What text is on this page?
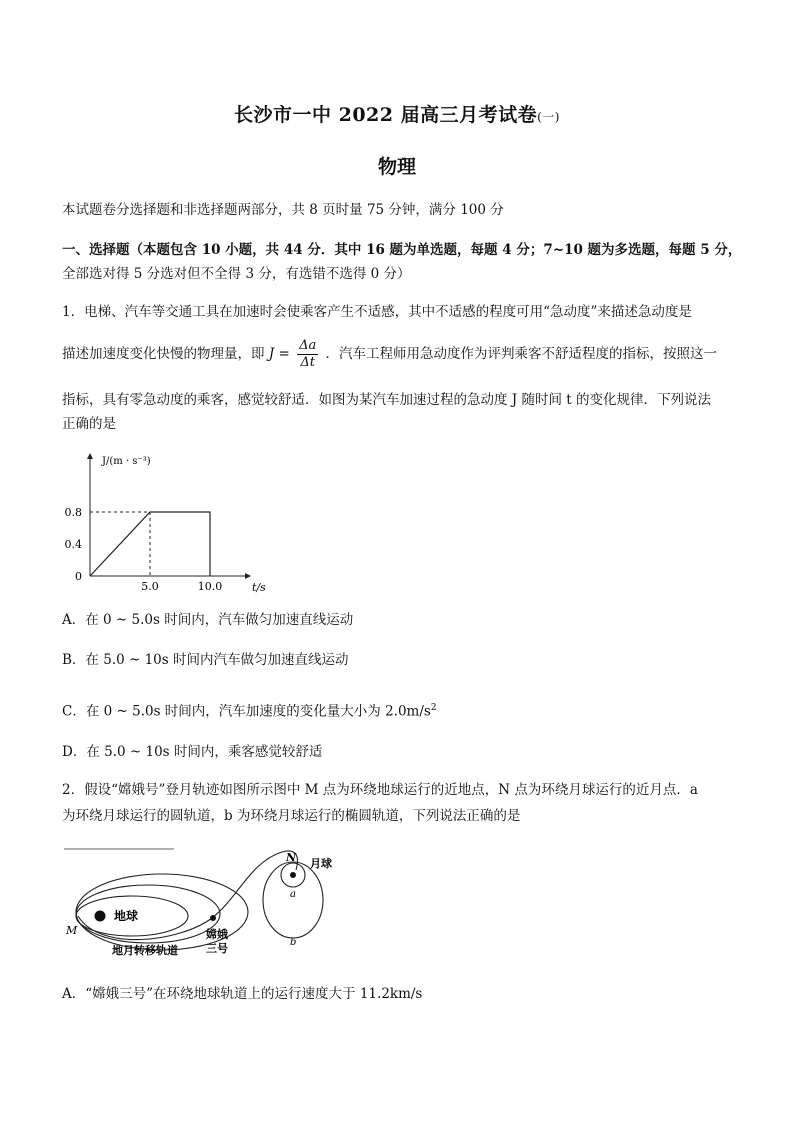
长沙市一中 2022 届高三月考试卷(一)
物理
本试题卷分选择题和非选择题两部分，共 8 页时量 75 分钟，满分 100 分
一、选择题（本题包含 10 小题，共 44 分．其中 16 题为单选题，每题 4 分；7~10 题为多选题，每题 5 分，
全部选对得 5 分选对但不全得 3 分，有选错不选得 0 分）
1．电梯、汽车等交通工具在加速时会使乘客产生不适感，其中不适感的程度可用“急动度”来描述急动度是
描述加速度变化快慢的物理量，即 $J = \frac{\Delta a}{\Delta t}$ ．汽车工程师用急动度作为评判乘客不舒适程度的指标，按照这一
指标，具有零急动度的乘客，感觉较舒适．如图为某汽车加速过程的急动度 J 随时间 t 的变化规律．下列说法
正确的是
J/(m · s⁻³)
t/s
0.8
0.4
0
5.0	10.0
A．在 0 ~ 5.0s 时间内，汽车做匀加速直线运动
B．在 5.0 ~ 10s 时间内汽车做匀加速直线运动
C．在 0 ~ 5.0s 时间内，汽车加速度的变化量大小为 $2.0m/s^2$
D．在 5.0 ~ 10s 时间内，乘客感觉较舒适
2．假设“嫦娥号”登月轨迹如图所示图中 M 点为环绕地球运行的近地点，N 点为环绕月球运行的近月点．a
为环绕月球运行的圆轨道，b 为环绕月球运行的椭圆轨道，下列说法正确的是
地球
M
地月转移轨道
嫦娥
三号
N 月球
a
b
A．“嫦娥三号”在环绕地球轨道上的运行速度大于 11.2km/s
